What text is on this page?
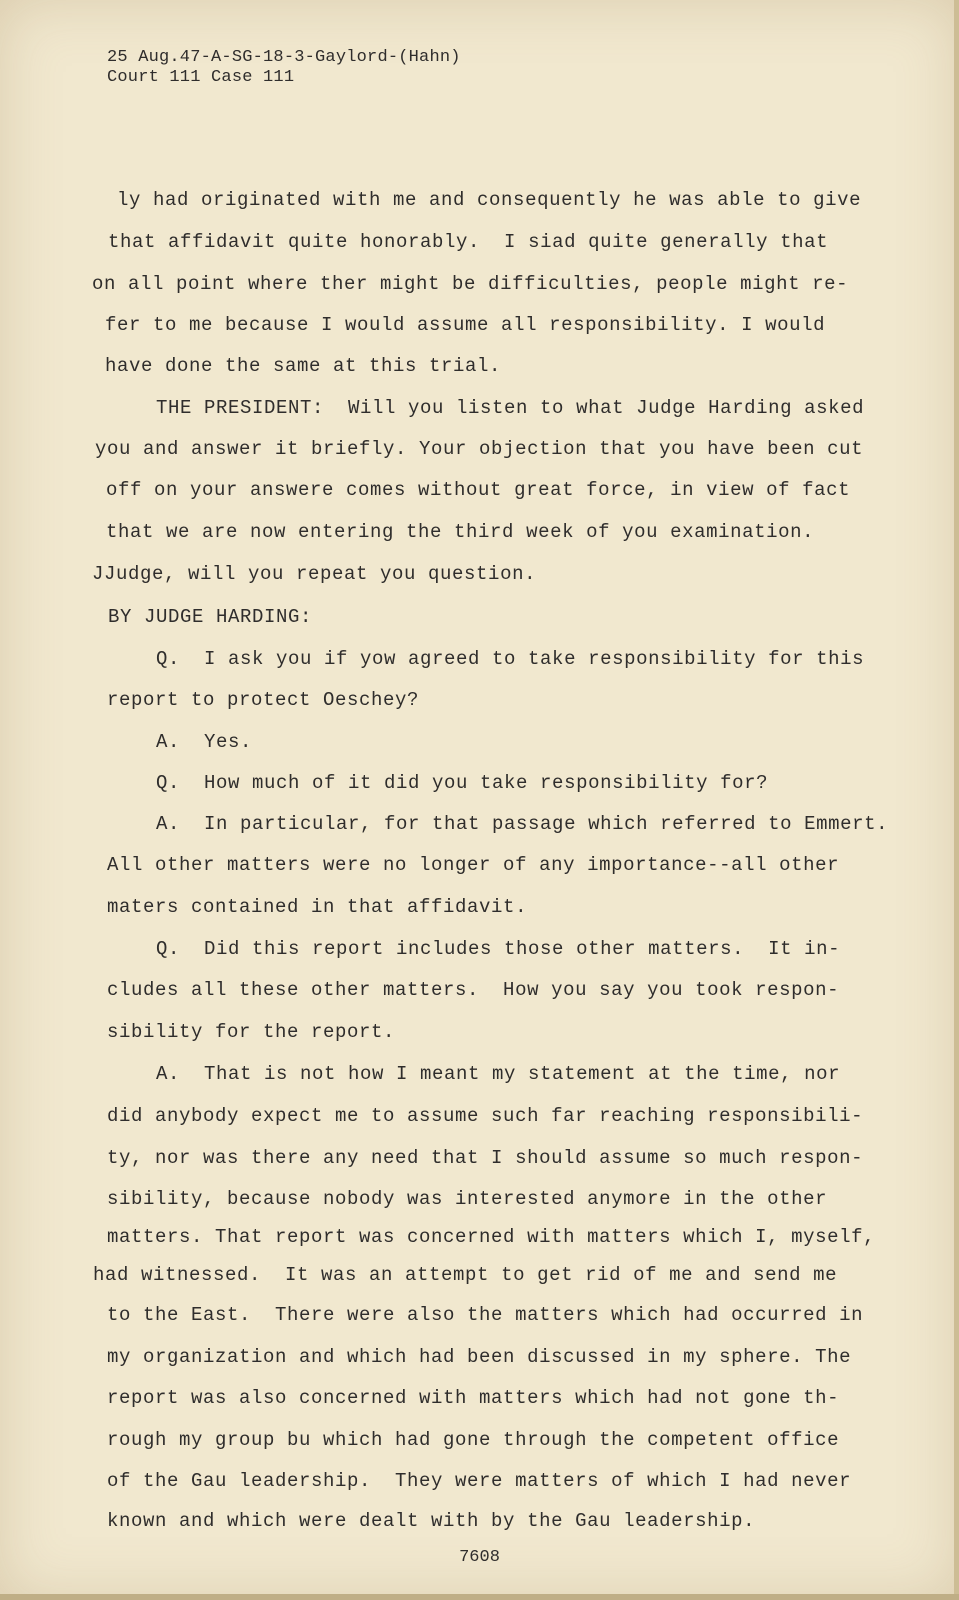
25 Aug.47-A-SG-18-3-Gaylord-(Hahn)
Court 111 Case 111
ly had originated with me and consequently he was able to give
that affidavit quite honorably.  I siad quite generally that
on all point where ther might be difficulties, people might re-
fer to me because I would assume all responsibility. I would
have done the same at this trial.
THE PRESIDENT:  Will you listen to what Judge Harding asked
you and answer it briefly. Your objection that you have been cut
off on your answere comes without great force, in view of fact
that we are now entering the third week of you examination.
JJudge, will you repeat you question.
BY JUDGE HARDING:
Q.  I ask you if yow agreed to take responsibility for this
report to protect Oeschey?
A.  Yes.
Q.  How much of it did you take responsibility for?
A.  In particular, for that passage which referred to Emmert.
All other matters were no longer of any importance--all other
maters contained in that affidavit.
Q.  Did this report includes those other matters.  It in-
cludes all these other matters.  How you say you took respon-
sibility for the report.
A.  That is not how I meant my statement at the time, nor
did anybody expect me to assume such far reaching responsibili-
ty, nor was there any need that I should assume so much respon-
sibility, because nobody was interested anymore in the other
matters. That report was concerned with matters which I, myself,
had witnessed.  It was an attempt to get rid of me and send me
to the East.  There were also the matters which had occurred in
my organization and which had been discussed in my sphere. The
report was also concerned with matters which had not gone th-
rough my group bu which had gone through the competent office
of the Gau leadership.  They were matters of which I had never
known and which were dealt with by the Gau leadership.
7608
